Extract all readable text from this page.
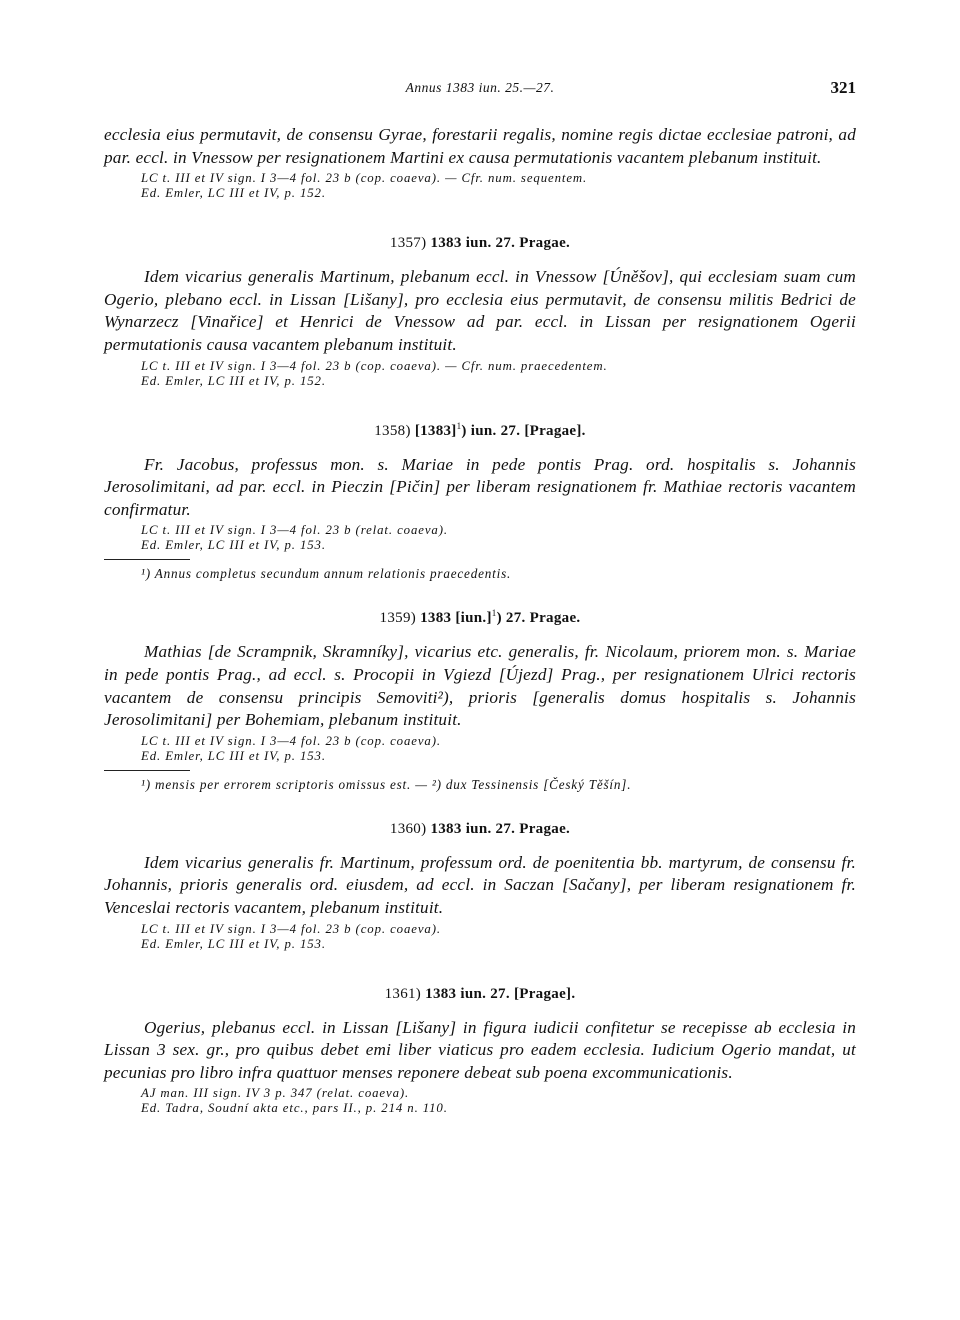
Annus 1383 iun. 25.—27.	321

ecclesia eius permutavit, de consensu Gyrae, forestarii regalis, nomine regis dictae ecclesiae patroni, ad par. eccl. in Vnessow per resignationem Martini ex causa permutationis vacantem plebanum instituit.

LC t. III et IV sign. I 3—4 fol. 23 b (cop. coaeva). — Cfr. num. sequentem.
Ed. Emler, LC III et IV, p. 152.
1357) 1383 iun. 27. Pragae.

Idem vicarius generalis Martinum, plebanum eccl. in Vnessow [Úněšov], qui ecclesiam suam cum Ogerio, plebano eccl. in Lissan [Lišany], pro ecclesia eius permutavit, de consensu militis Bedrici de Wynarzecz [Vinařice] et Henrici de Vnessow ad par. eccl. in Lissan per resignationem Ogerii permutationis causa vacantem plebanum instituit.

LC t. III et IV sign. I 3—4 fol. 23 b (cop. coaeva). — Cfr. num. praecedentem.
Ed. Emler, LC III et IV, p. 152.
1358) $[1383]^1$) iun. 27. [Pragae].

Fr. Jacobus, professus mon. s. Mariae in pede pontis Prag. ord. hospitalis s. Johannis Jerosolimitani, ad par. eccl. in Pieczin [Pičin] per liberam resignationem fr. Mathiae rectoris vacantem confirmatur.

LC t. III et IV sign. I 3—4 fol. 23 b (relat. coaeva).
Ed. Emler, LC III et IV, p. 153.
¹) Annus completus secundum annum relationis praecedentis.
1359) 1383 $[iun.]^1$) 27. Pragae.

Mathias [de Scrampnik, Skramníky], vicarius etc. generalis, fr. Nicolaum, priorem mon. s. Mariae in pede pontis Prag., ad eccl. s. Procopii in Vgiezd [Újezd] Prag., per resignationem Ulrici rectoris vacantem de consensu principis Semoviti²), prioris [generalis domus hospitalis s. Johannis Jerosolimitani] per Bohemiam, plebanum instituit.

LC t. III et IV sign. I 3—4 fol. 23 b (cop. coaeva).
Ed. Emler, LC III et IV, p. 153.
¹) mensis per errorem scriptoris omissus est. — ²) dux Tessinensis [Český Těšín].
1360) 1383 iun. 27. Pragae.

Idem vicarius generalis fr. Martinum, professum ord. de poenitentia bb. martyrum, de consensu fr. Johannis, prioris generalis ord. eiusdem, ad eccl. in Saczan [Sačany], per liberam resignationem fr. Venceslai rectoris vacantem, plebanum instituit.

LC t. III et IV sign. I 3—4 fol. 23 b (cop. coaeva).
Ed. Emler, LC III et IV, p. 153.
1361) 1383 iun. 27. [Pragae].

Ogerius, plebanus eccl. in Lissan [Lišany] in figura iudicii confitetur se recepisse ab ecclesia in Lissan 3 sex. gr., pro quibus debet emi liber viaticus pro eadem ecclesia. Iudicium Ogerio mandat, ut pecunias pro libro infra quattuor menses reponere debeat sub poena excommunicationis.

AJ man. III sign. IV 3 p. 347 (relat. coaeva).
Ed. Tadra, Soudní akta etc., pars II., p. 214 n. 110.
